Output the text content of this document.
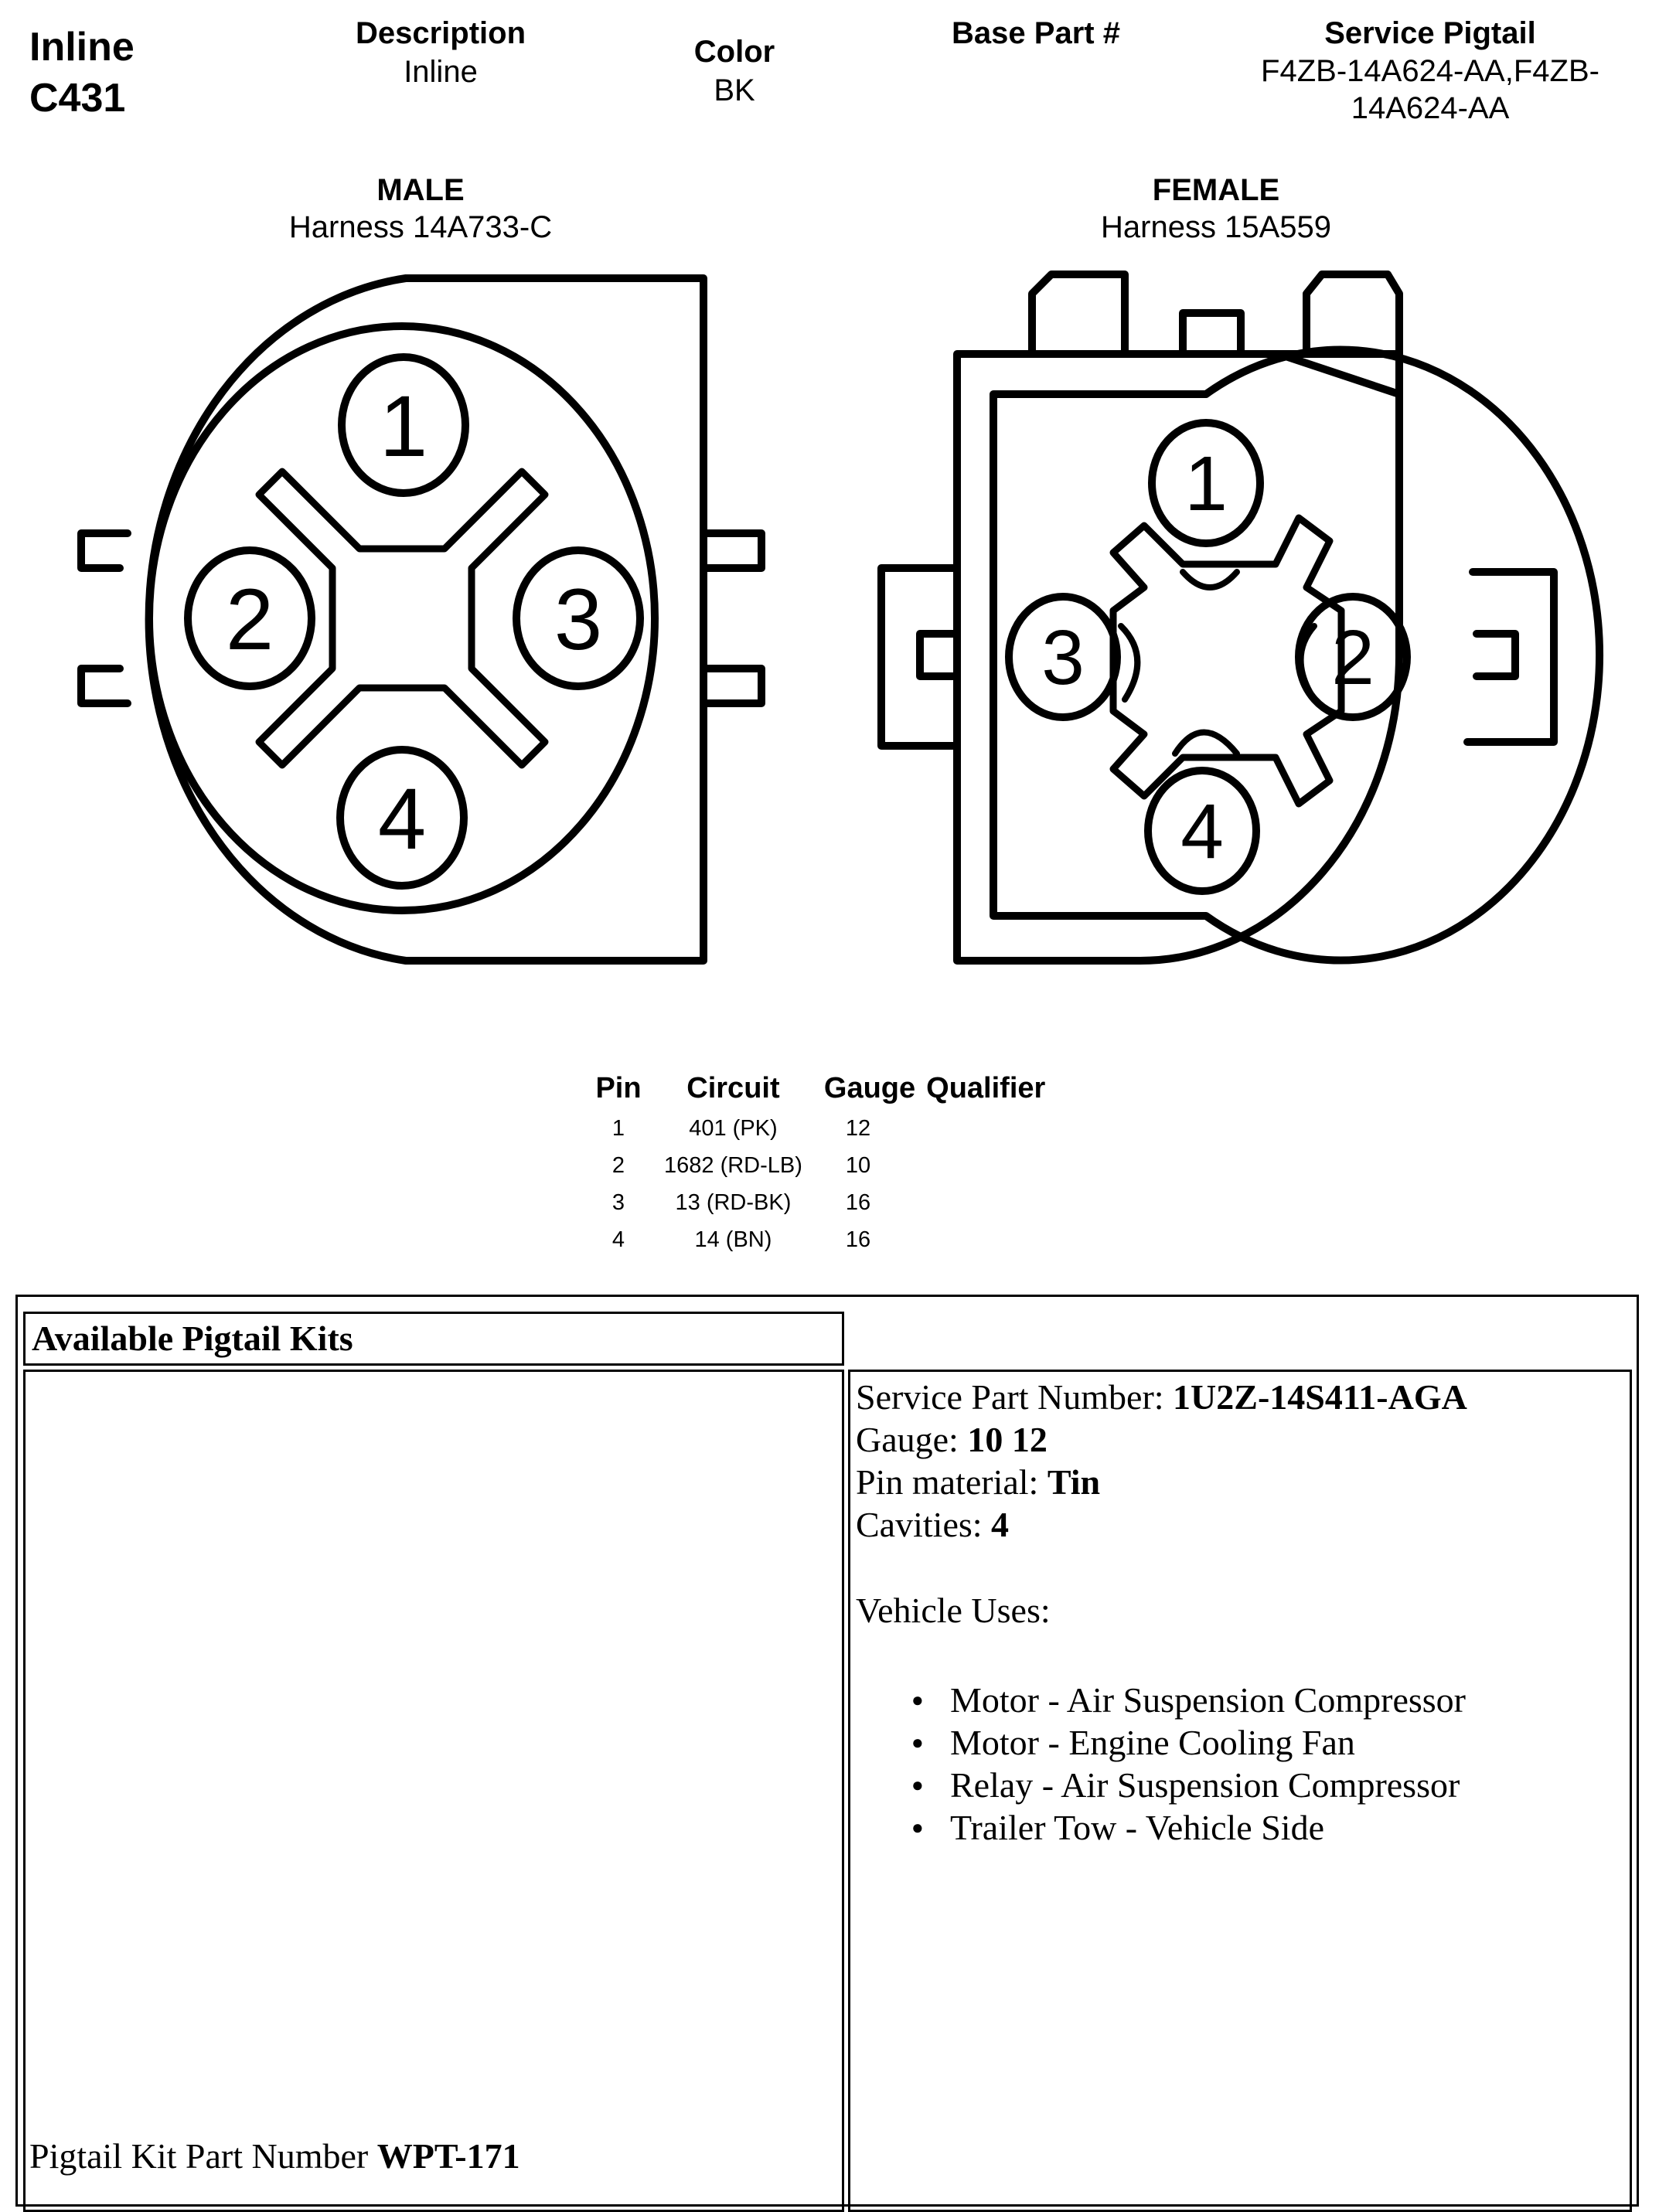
Inline
C431
Description
Inline
Color
BK
Base Part #	Service Pigtail
F4ZB-14A624-AA,F4ZB-
14A624-AA
MALE
Harness 14A733-C
FEMALE
Harness 15A559
1
2	3
4
1
3	2
4
Pin	Circuit	Gauge	Qualifier
1	401 (PK)	12	
2	1682 (RD-LB)	10	
3	13 (RD-BK)	16	
4	14 (BN)	16	
Available Pigtail Kits
Pigtail Kit Part Number WPT-171
Service Part Number: 1U2Z-14S411-AGA
Gauge: 10 12
Pin material: Tin
Cavities: 4
Vehicle Uses:
● Motor - Air Suspension Compressor
● Motor - Engine Cooling Fan
● Relay - Air Suspension Compressor
● Trailer Tow - Vehicle Side
